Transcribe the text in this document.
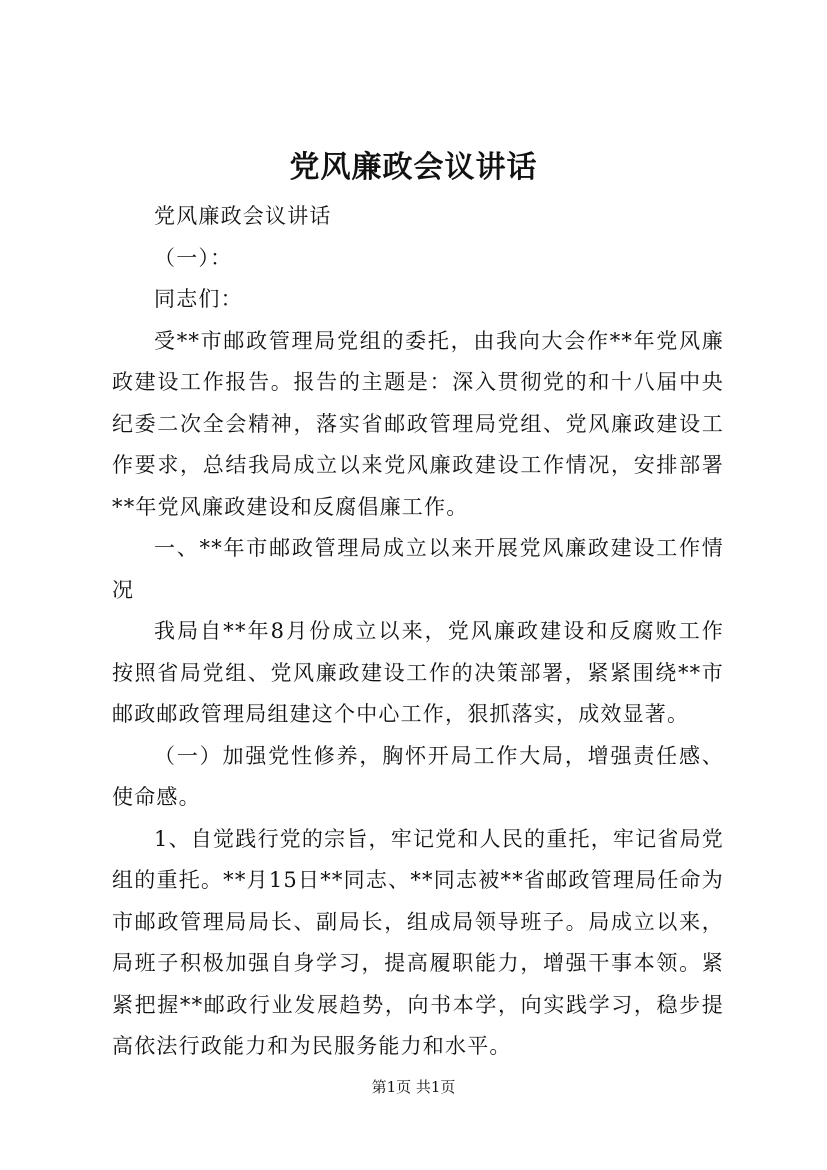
党风廉政会议讲话

党风廉政会议讲话

（一）：

同志们：

受**市邮政管理局党组的委托，由我向大会作**年党风廉政建设工作报告。报告的主题是：深入贯彻党的和十八届中央纪委二次全会精神，落实省邮政管理局党组、党风廉政建设工作要求，总结我局成立以来党风廉政建设工作情况，安排部署**年党风廉政建设和反腐倡廉工作。

一、**年市邮政管理局成立以来开展党风廉政建设工作情况

我局自**年8月份成立以来，党风廉政建设和反腐败工作按照省局党组、党风廉政建设工作的决策部署，紧紧围绕**市邮政邮政管理局组建这个中心工作，狠抓落实，成效显著。

（一）加强党性修养，胸怀开局工作大局，增强责任感、使命感。

1、自觉践行党的宗旨，牢记党和人民的重托，牢记省局党组的重托。**月15日**同志、**同志被**省邮政管理局任命为市邮政管理局局长、副局长，组成局领导班子。局成立以来，局班子积极加强自身学习，提高履职能力，增强干事本领。紧紧把握**邮政行业发展趋势，向书本学，向实践学习，稳步提高依法行政能力和为民服务能力和水平。

第1页 共1页
